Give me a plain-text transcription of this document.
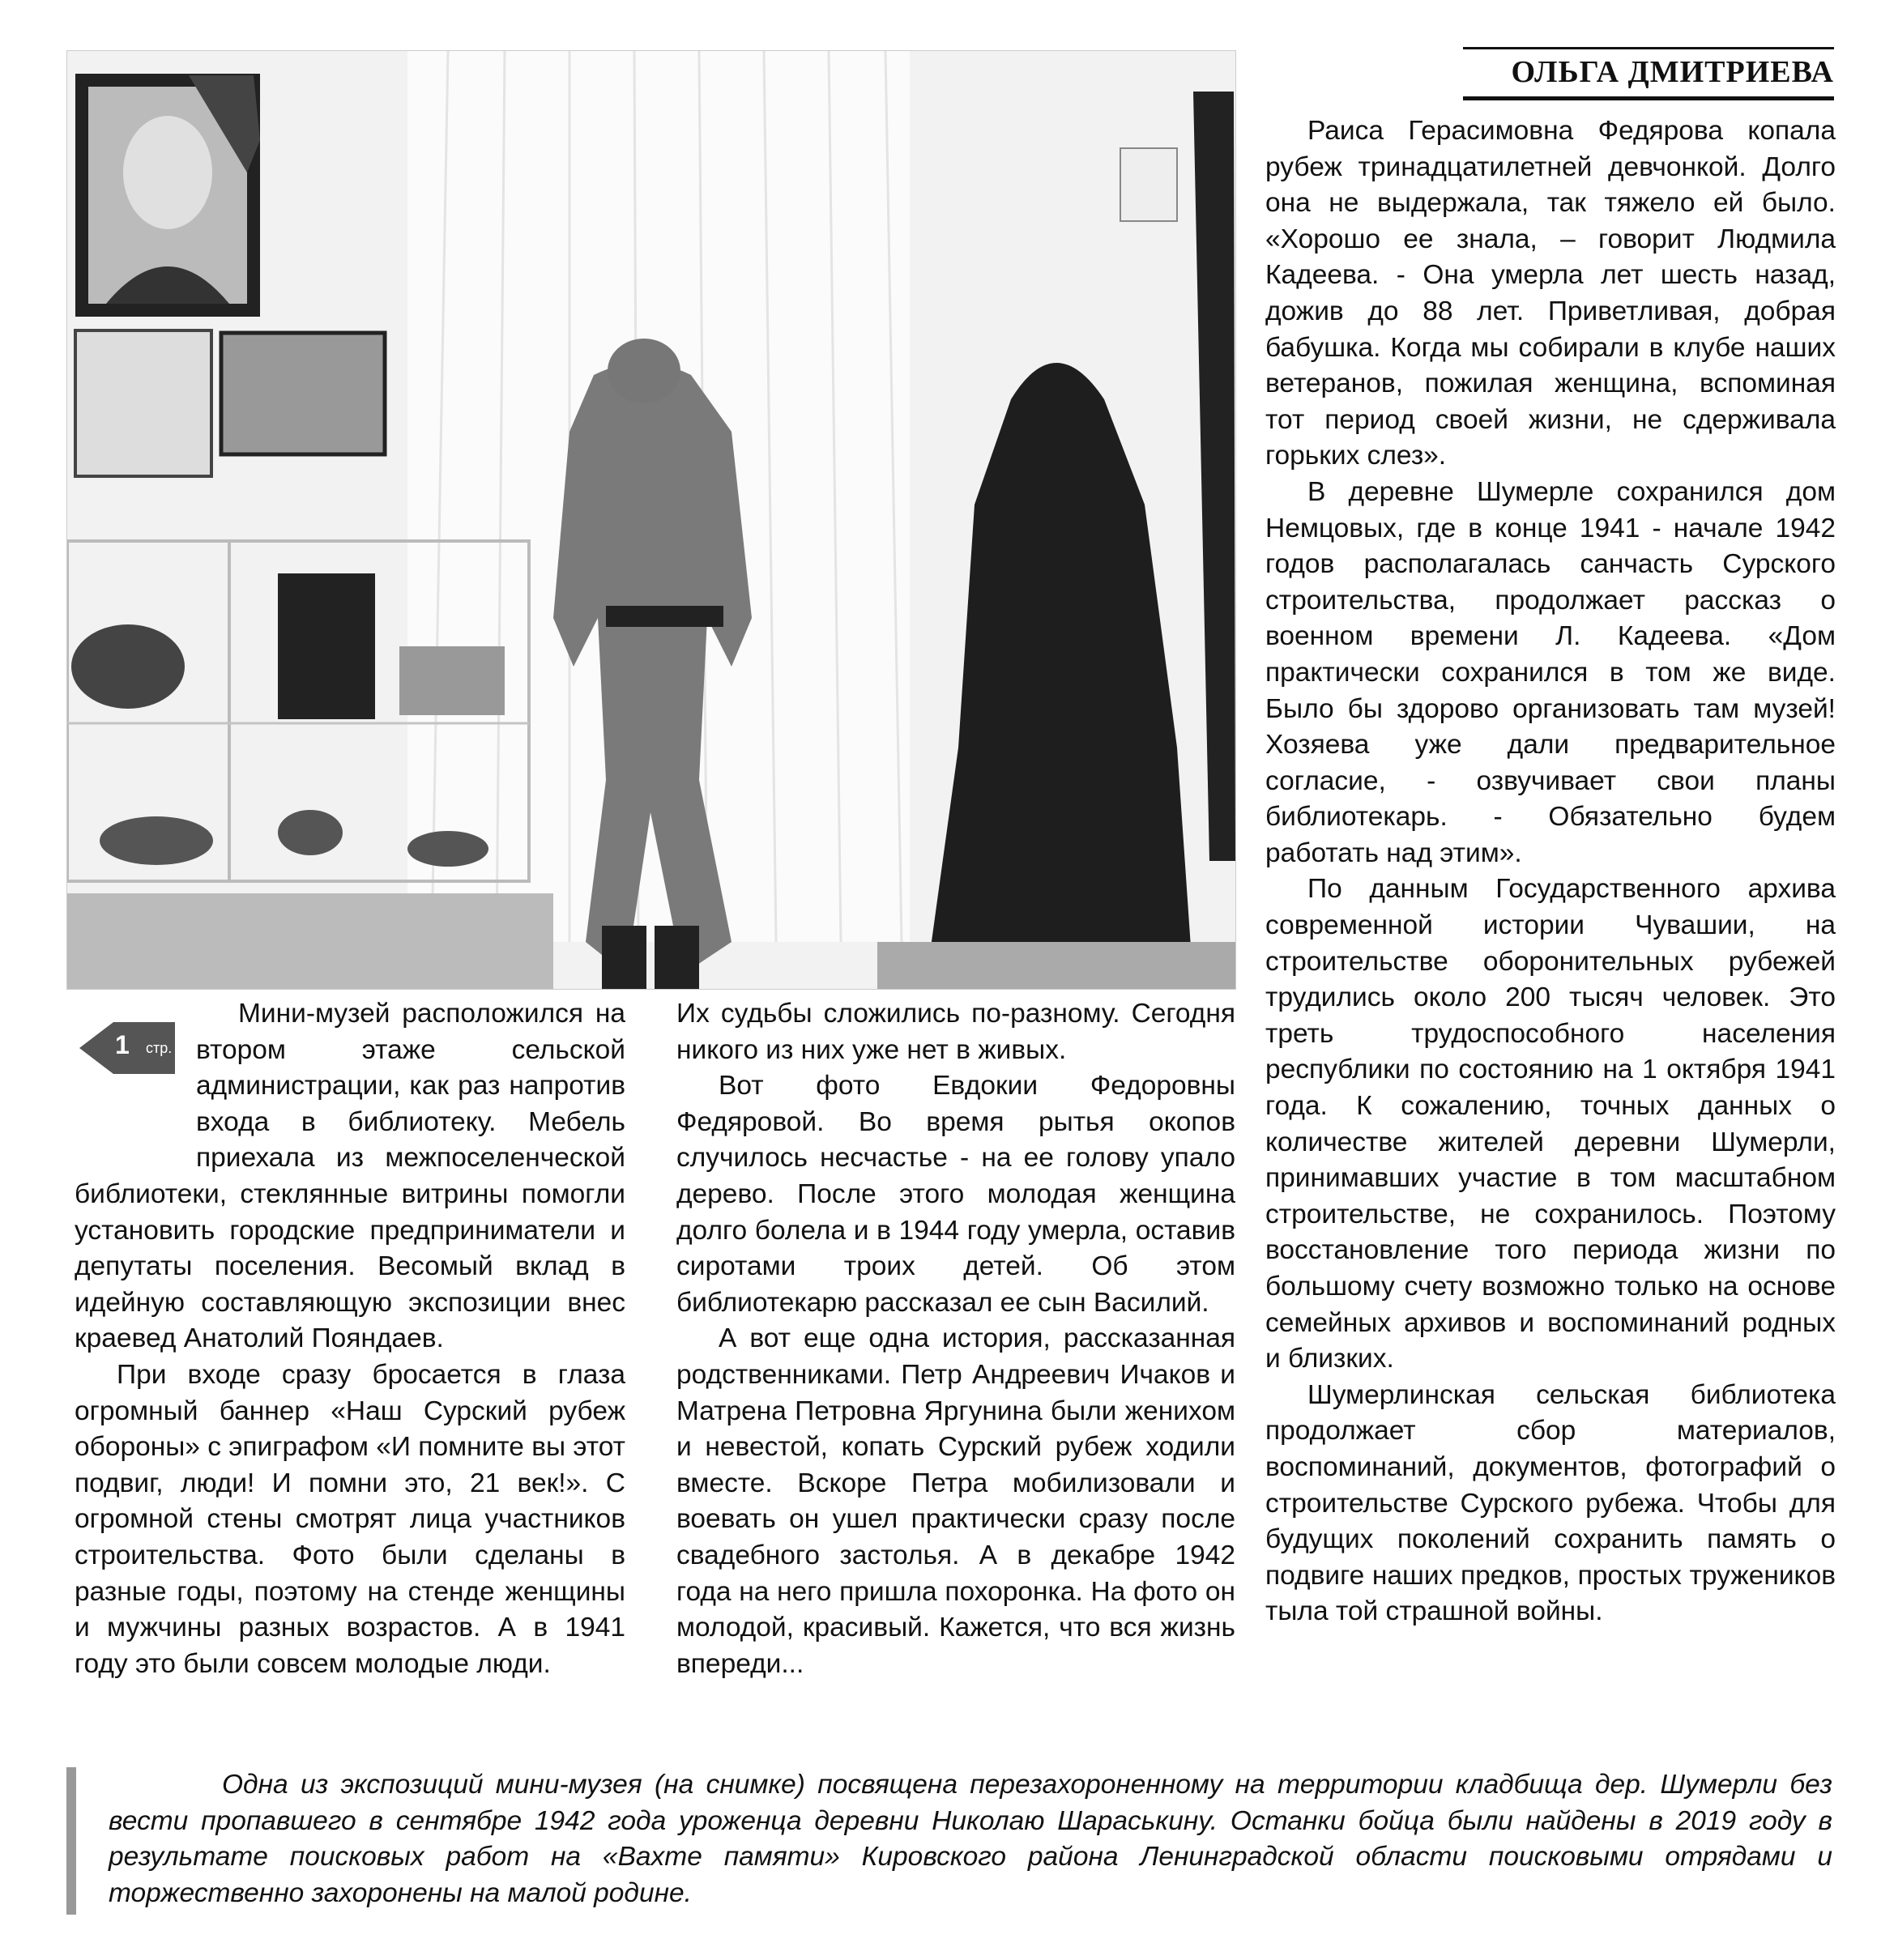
ОЛЬГА ДМИТРИЕВА

Раиса Герасимовна Федярова копала рубеж тринадцатилетней девчонкой. Долго она не выдержала, так тяжело ей было. «Хорошо ее знала, – говорит Людмила Кадеева. - Она умерла лет шесть назад, дожив до 88 лет. Приветливая, добрая бабушка. Когда мы собирали в клубе наших ветеранов, пожилая женщина, вспоминая тот период своей жизни, не сдерживала горьких слез».

В деревне Шумерле сохранился дом Немцовых, где в конце 1941 - начале 1942 годов располагалась санчасть Сурского строительства, продолжает рассказ о военном времени Л. Кадеева. «Дом практически сохранился в том же виде. Было бы здорово организовать там музей! Хозяева уже дали предварительное согласие, - озвучивает свои планы библиотекарь. - Обязательно будем работать над этим».

По данным Государственного архива современной истории Чувашии, на строительстве оборонительных рубежей трудились около 200 тысяч человек. Это треть трудоспособного населения республики по состоянию на 1 октября 1941 года. К сожалению, точных данных о количестве жителей деревни Шумерли, принимавших участие в том масштабном строительстве, не сохранилось. Поэтому восстановление того периода жизни по большому счету возможно только на основе семейных архивов и воспоминаний родных и близких.

Шумерлинская сельская библиотека продолжает сбор материалов, воспоминаний, документов, фотографий о строительстве Сурского рубежа. Чтобы для будущих поколений сохранить память о подвиге наших предков, простых тружеников тыла той страшной войны.

1 стр.

Мини-музей расположился на втором этаже сельской администрации, как раз напротив входа в библиотеку. Мебель приехала из межпоселенческой библиотеки, стеклянные витрины помогли установить городские предприниматели и депутаты поселения. Весомый вклад в идейную составляющую экспозиции внес краевед Анатолий Пояндаев.

При входе сразу бросается в глаза огромный баннер «Наш Сурский рубеж обороны» с эпиграфом «И помните вы этот подвиг, люди! И помни это, 21 век!». С огромной стены смотрят лица участников строительства. Фото были сделаны в разные годы, поэтому на стенде женщины и мужчины разных возрастов. А в 1941 году это были совсем молодые люди.

Их судьбы сложились по-разному. Сегодня никого из них уже нет в живых.

Вот фото Евдокии Федоровны Федяровой. Во время рытья окопов случилось несчастье - на ее голову упало дерево. После этого молодая женщина долго болела и в 1944 году умерла, оставив сиротами троих детей. Об этом библиотекарю рассказал ее сын Василий.

А вот еще одна история, рассказанная родственниками. Петр Андреевич Ичаков и Матрена Петровна Яргунина были женихом и невестой, копать Сурский рубеж ходили вместе. Вскоре Петра мобилизовали и воевать он ушел практически сразу после свадебного застолья. А в декабре 1942 года на него пришла похоронка. На фото он молодой, красивый. Кажется, что вся жизнь впереди...

Одна из экспозиций мини-музея (на снимке) посвящена перезахороненному на территории кладбища дер. Шумерли без вести пропавшего в сентябре 1942 года уроженца деревни Николаю Шараськину. Останки бойца были найдены в 2019 году в результате поисковых работ на «Вахте памяти» Кировского района Ленинградской области поисковыми отрядами и торжественно захоронены на малой родине.
